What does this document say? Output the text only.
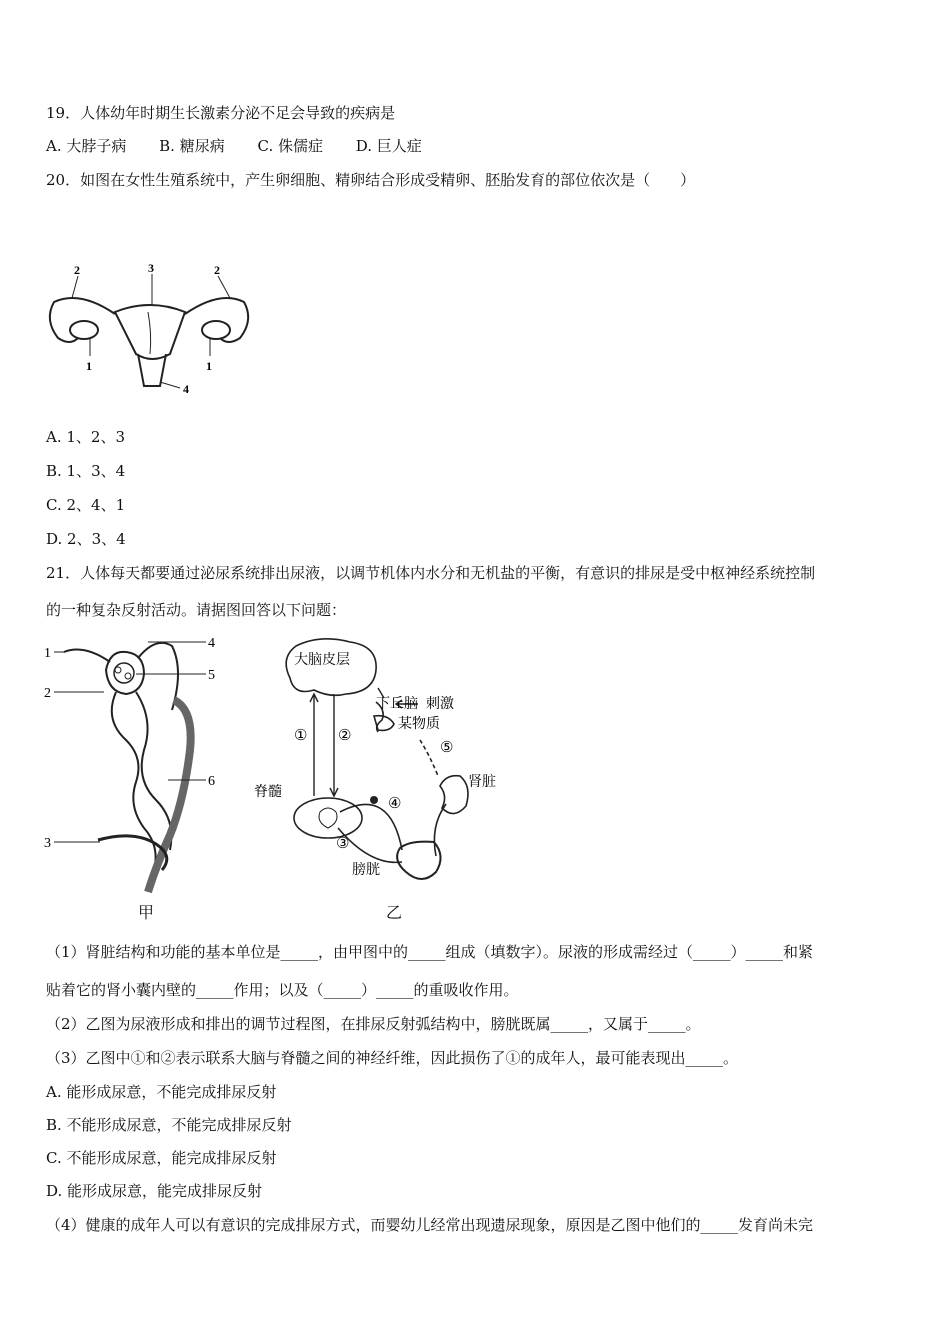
19．人体幼年时期生长激素分泌不足会导致的疾病是
A. 大脖子病 B. 糖尿病 C. 侏儒症 D. 巨人症
20．如图在女性生殖系统中，产生卵细胞、精卵结合形成受精卵、胚胎发育的部位依次是（　　）
2	3	2
1	1
4
A. 1、2、3
B. 1、3、4
C. 2、4、1
D. 2、3、4
21．人体每天都要通过泌尿系统排出尿液，以调节机体内水分和无机盐的平衡，有意识的排尿是受中枢神经系统控制
的一种复杂反射活动。请据图回答以下问题：
1
2
3
4
5
6
甲
大脑皮层
下丘脑 刺激
某物质
① ②
⑤
脊髓
肾脏
④
③
膀胱
乙
（1）肾脏结构和功能的基本单位是_____，由甲图中的_____组成（填数字）。尿液的形成需经过（_____）_____和紧
贴着它的肾小囊内壁的_____作用；以及（_____）_____的重吸收作用。
（2）乙图为尿液形成和排出的调节过程图，在排尿反射弧结构中，膀胱既属_____，又属于_____。
（3）乙图中①和②表示联系大脑与脊髓之间的神经纤维，因此损伤了①的成年人，最可能表现出_____。
A. 能形成尿意，不能完成排尿反射
B. 不能形成尿意，不能完成排尿反射
C. 不能形成尿意，能完成排尿反射
D. 能形成尿意，能完成排尿反射
（4）健康的成年人可以有意识的完成排尿方式，而婴幼儿经常出现遗尿现象，原因是乙图中他们的_____发育尚未完
